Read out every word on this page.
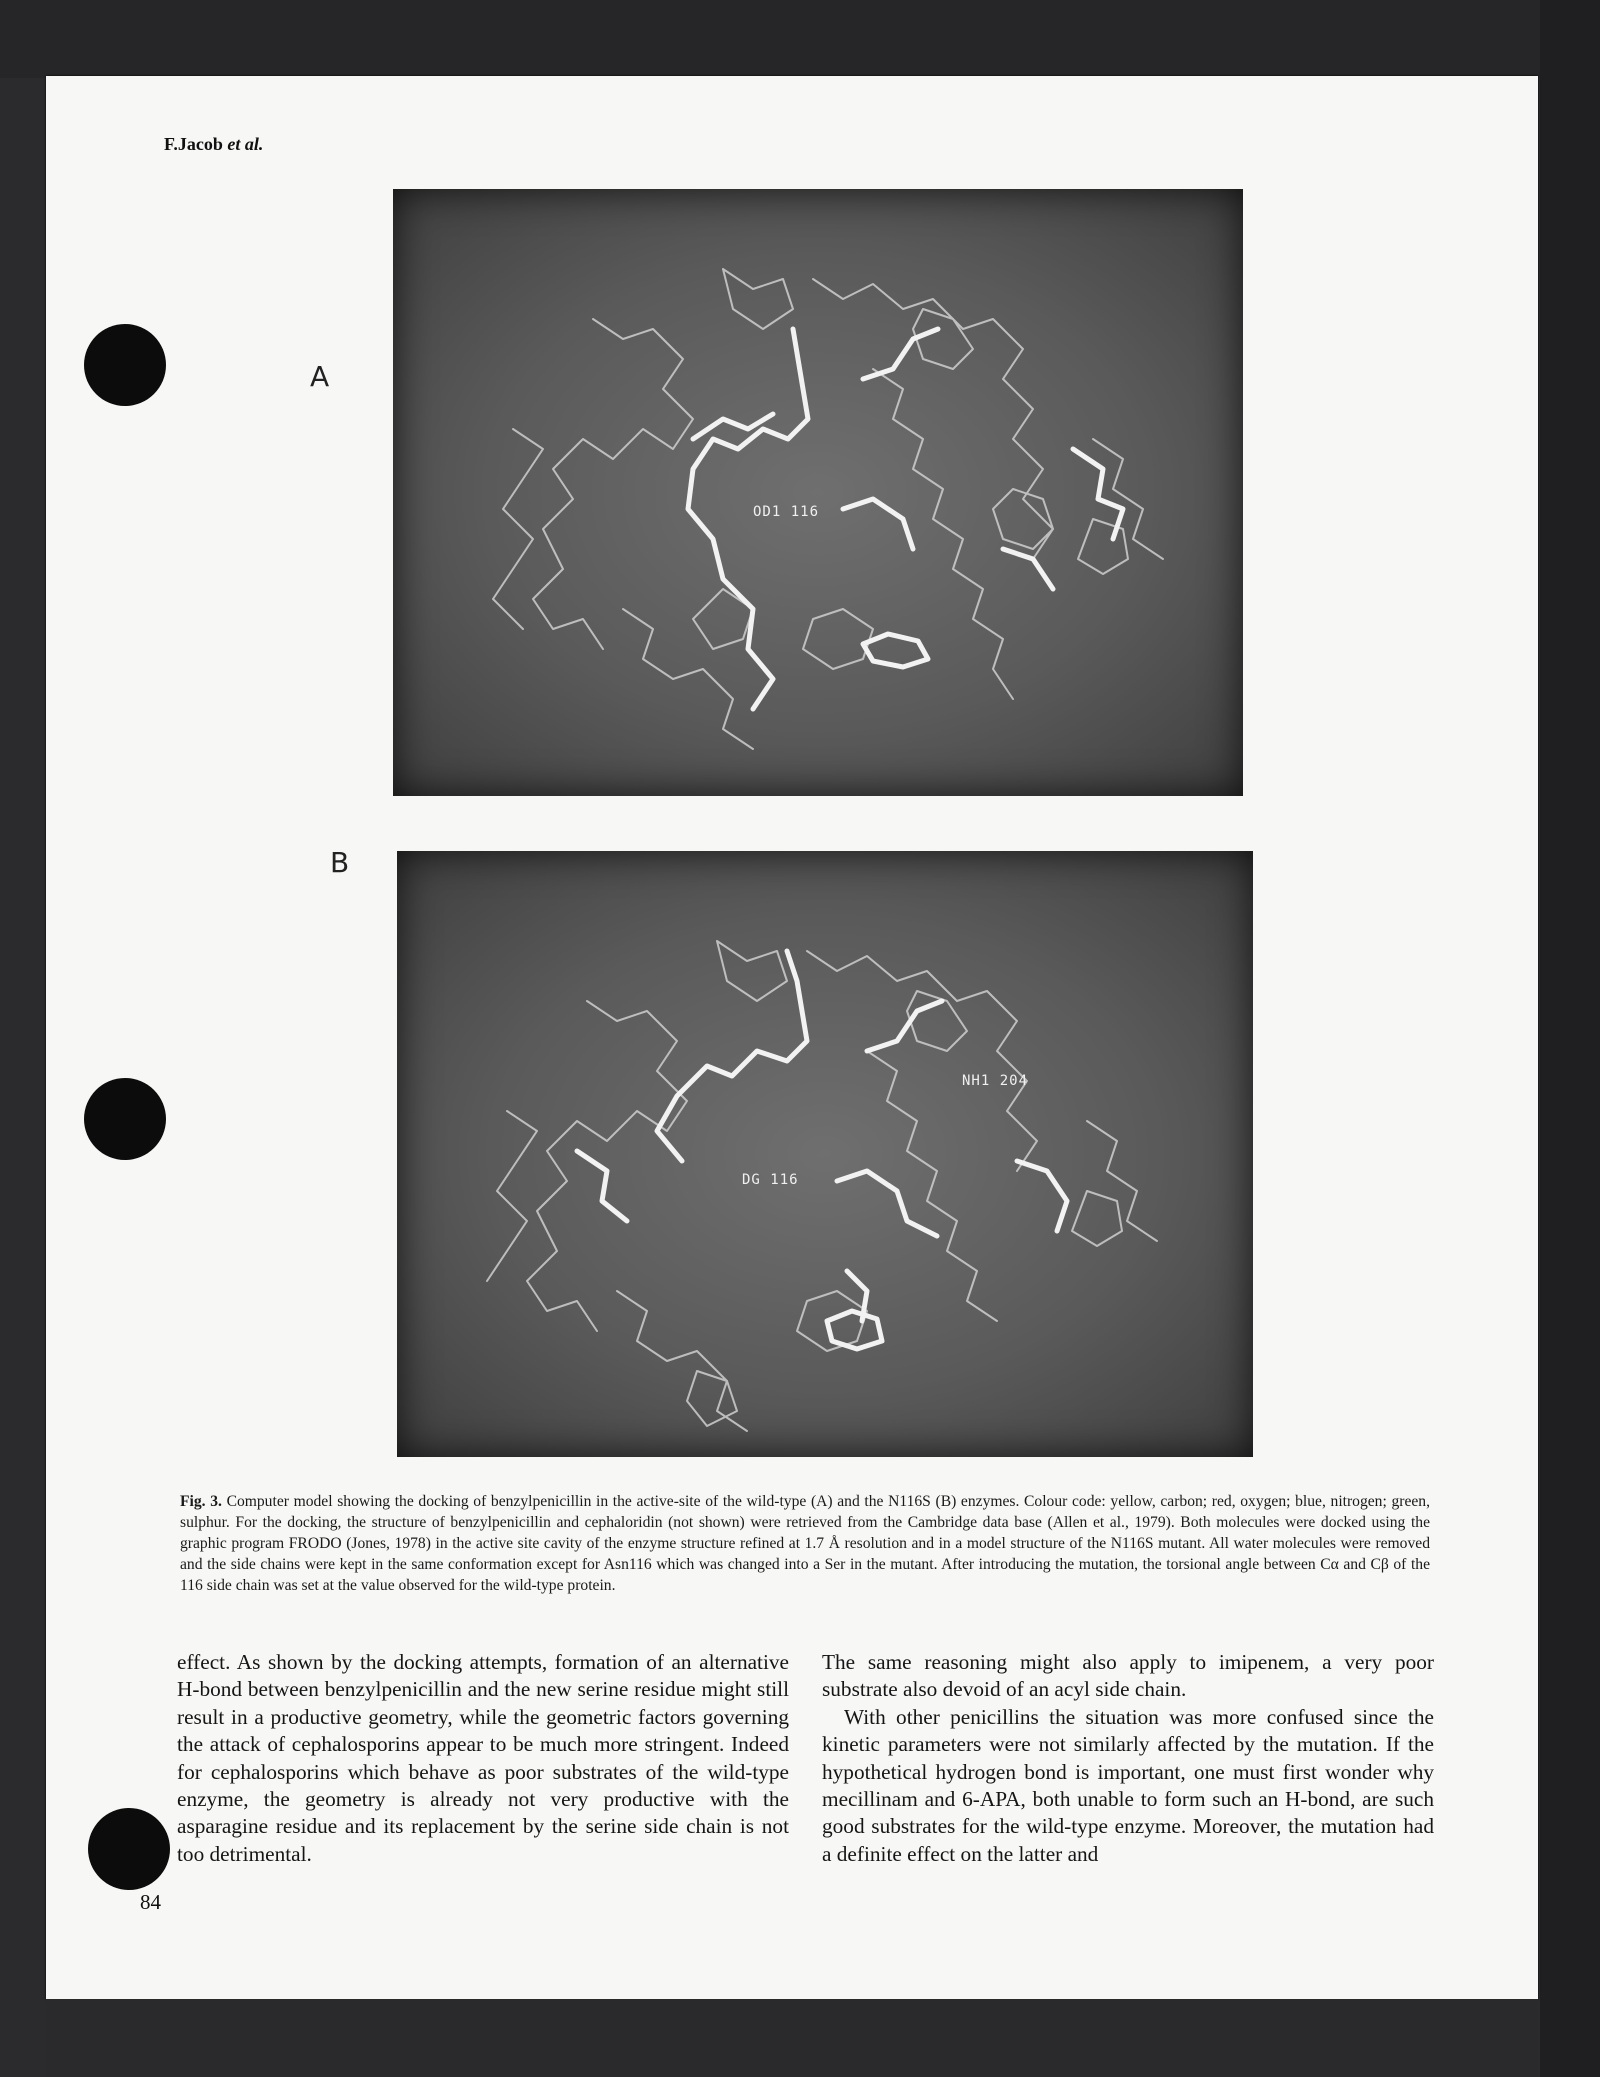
F.Jacob et al.
A
B
OD1 116
NH1 204
DG 116
Fig. 3. Computer model showing the docking of benzylpenicillin in the active-site of the wild-type (A) and the N116S (B) enzymes. Colour code: yellow, carbon; red, oxygen; blue, nitrogen; green, sulphur. For the docking, the structure of benzylpenicillin and cephaloridin (not shown) were retrieved from the Cambridge data base (Allen et al., 1979). Both molecules were docked using the graphic program FRODO (Jones, 1978) in the active site cavity of the enzyme structure refined at 1.7 Å resolution and in a model structure of the N116S mutant. All water molecules were removed and the side chains were kept in the same conformation except for Asn116 which was changed into a Ser in the mutant. After introducing the mutation, the torsional angle between Cα and Cβ of the 116 side chain was set at the value observed for the wild-type protein.

effect. As shown by the docking attempts, formation of an alternative H-bond between benzylpenicillin and the new serine residue might still result in a productive geometry, while the geometric factors governing the attack of cephalosporins appear to be much more stringent. Indeed for cephalosporins which behave as poor substrates of the wild-type enzyme, the geometry is already not very productive with the asparagine residue and its replacement by the serine side chain is not too detrimental.

The same reasoning might also apply to imipenem, a very poor substrate also devoid of an acyl side chain.

With other penicillins the situation was more confused since the kinetic parameters were not similarly affected by the mutation. If the hypothetical hydrogen bond is important, one must first wonder why mecillinam and 6-APA, both unable to form such an H-bond, are such good substrates for the wild-type enzyme. Moreover, the mutation had a definite effect on the latter and

84
